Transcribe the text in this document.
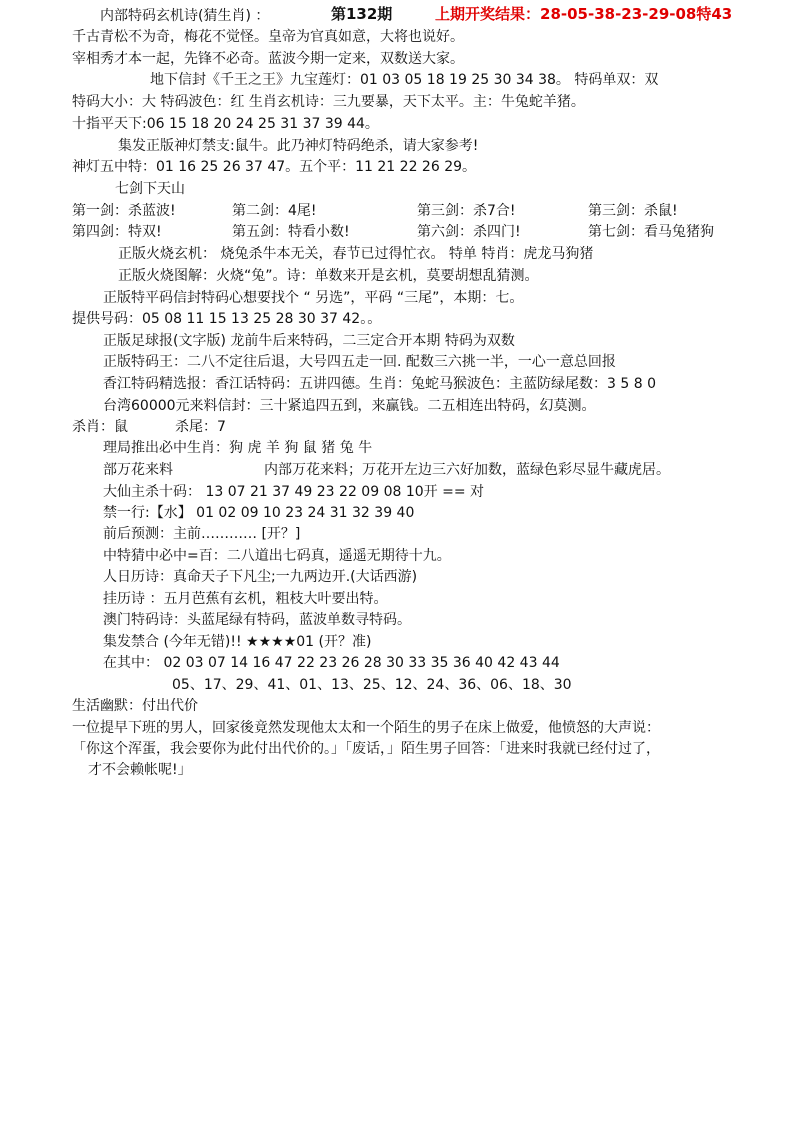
内部特码玄机诗(猜生肖) ：	第132期	上期开奖结果：28-05-38-23-29-08特43
千古青松不为奇，梅花不觉怪。皇帝为官真如意，大将也说好。
宰相秀才本一起，先锋不必奇。蓝波今期一定来，双数送大家。
地下信封《千王之王》九宝莲灯：01 03 05 18 19 25 30 34 38。 特码单双：双
特码大小：大 特码波色：红 生肖玄机诗：三九要暴，天下太平。主：牛兔蛇羊猪。
十指平天下:06 15 18 20 24 25 31 37 39 44。
集发正版神灯禁支:鼠牛。此乃神灯特码绝杀，请大家参考!
神灯五中特：01 16 25 26 37 47。五个平：11 21 22 26 29。
七剑下天山
第一剑：杀蓝波!	第二剑：4尾!	第三剑：杀7合!	第三剑：杀鼠!
第四剑：特双!	第五剑：特看小数!	第六剑：杀四门!	第七剑：看马兔猪狗
正版火烧玄机： 烧兔杀牛本无关，春节已过得忙衣。 特单 特肖：虎龙马狗猪
正版火烧图解：火烧“兔”。诗：单数来开是玄机，莫要胡想乱猜测。
正版特平码信封特码心想要找个 “ 另选”，平码 “三尾”，本期：七。
提供号码：05 08 11 15 13 25 28 30 37 42。。
正版足球报(文字版) 龙前牛后来特码，二三定合开本期 特码为双数
正版特码王：二八不定往后退，大号四五走一回. 配数三六挑一半，一心一意总回报
香江特码精选报：香江话特码：五讲四德。生肖：兔蛇马猴波色：主蓝防绿尾数：3 5 8 0
台湾60000元来料信封：三十紧追四五到，来赢钱。二五相连出特码，幻莫测。
杀肖：鼠	杀尾：7
理局推出必中生肖：狗 虎 羊 狗 鼠 猪 兔 牛
部万花来料	内部万花来料；万花开左边三六好加数，蓝绿色彩尽显牛藏虎居。
大仙主杀十码： 13 07 21 37 49 23 22 09 08 10开 == 对
禁一行:【水】 01 02 09 10 23 24 31 32 39 40
前后预测：主前………… [开？]
中特猜中必中=百：二八道出七码真，遥遥无期待十九。
人日历诗：真命天子下凡尘;一九两边开.(大话西游)
挂历诗 ：五月芭蕉有玄机，粗枝大叶要出特。
澳门特码诗：头蓝尾绿有特码，蓝波单数寻特码。
集发禁合 (今年无错)!! ★★★★01 (开？准)
在其中： 02 03 07 14 16 47 22 23 26 28 30 33 35 36 40 42 43 44
05、17、29、41、01、13、25、12、24、36、06、18、30
生活幽默：付出代价
一位提早下班的男人，回家後竟然发现他太太和一个陌生的男子在床上做爱，他愤怒的大声说：
「你这个浑蛋，我会要你为此付出代价的。」「废话，」陌生男子回答：「进来时我就已经付过了，
才不会赖帐呢!」
